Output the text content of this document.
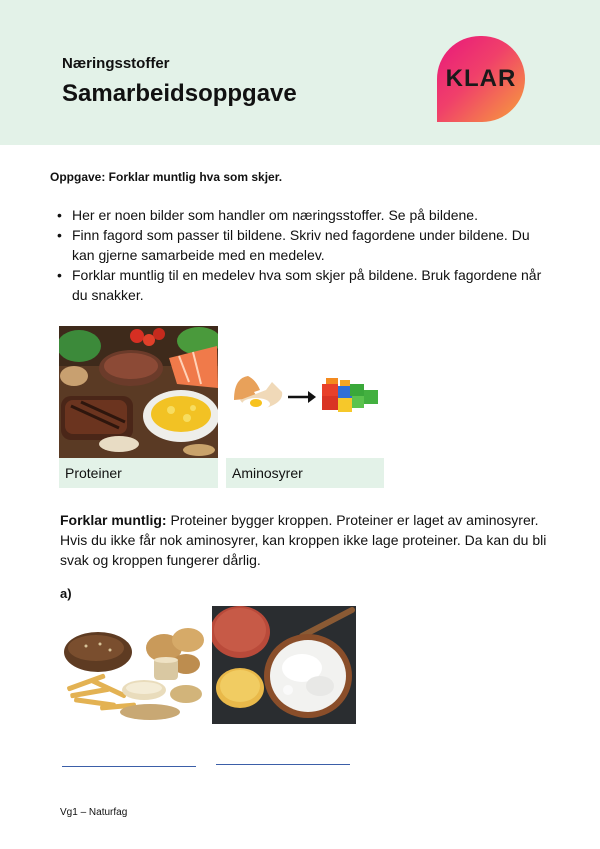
Næringsstoffer
Samarbeidsoppgave
KLAR
Oppgave: Forklar muntlig hva som skjer.
• Her er noen bilder som handler om næringsstoffer. Se på bildene.
• Finn fagord som passer til bildene. Skriv ned fagordene under bildene. Du kan gjerne samarbeide med en medelev.
• Forklar muntlig til en medelev hva som skjer på bildene. Bruk fagordene når du snakker.
Proteiner	Aminosyrer
Forklar muntlig: Proteiner bygger kroppen. Proteiner er laget av aminosyrer. Hvis du ikke får nok aminosyrer, kan kroppen ikke lage proteiner. Da kan du bli svak og kroppen fungerer dårlig.
a)
Vg1 – Naturfag
